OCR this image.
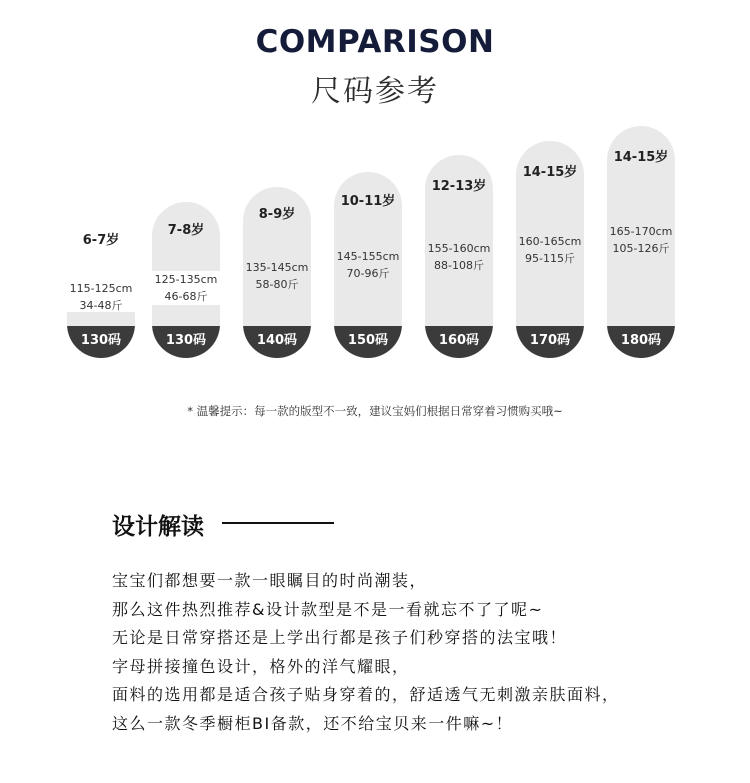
COMPARISON
尺码参考
6-7岁
115-125cm
34-48斤
130码
7-8岁
125-135cm
46-68斤
130码
8-9岁
135-145cm
58-80斤
140码
10-11岁
145-155cm
70-96斤
150码
12-13岁
155-160cm
88-108斤
160码
14-15岁
160-165cm
95-115斤
170码
14-15岁
165-170cm
105-126斤
180码
* 温馨提示：每一款的版型不一致，建议宝妈们根据日常穿着习惯购买哦~
设计解读
宝宝们都想要一款一眼瞩目的时尚潮装，
那么这件热烈推荐&设计款型是不是一看就忘不了了呢~
无论是日常穿搭还是上学出行都是孩子们秒穿搭的法宝哦！
字母拼接撞色设计，格外的洋气耀眼，
面料的选用都是适合孩子贴身穿着的，舒适透气无刺激亲肤面料，
这么一款冬季橱柜BI备款，还不给宝贝来一件嘛~！
